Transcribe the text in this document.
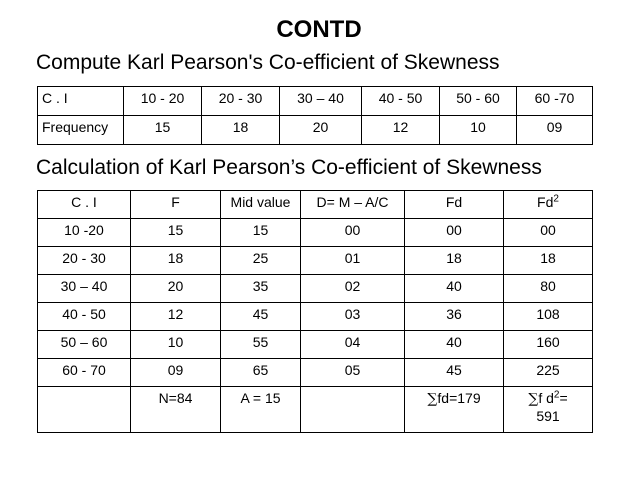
CONTD
Compute Karl Pearson's Co-efficient of Skewness
C . I	10 - 20	20 - 30	30 – 40	40 - 50	50 - 60	60 -70
Frequency	15	18	20	12	10	09
Calculation of Karl Pearson’s Co-efficient of Skewness
C . I	F	Mid value	D= M – A/C	Fd	Fd$^2$
10 -20	15	15	00	00	00
20 - 30	18	25	01	18	18
30 – 40	20	35	02	40	80
40 - 50	12	45	03	36	108
50 – 60	10	55	04	40	160
60 - 70	09	65	05	45	225
	N=84	A = 15		∑fd=179	∑f $d^2=$
591
